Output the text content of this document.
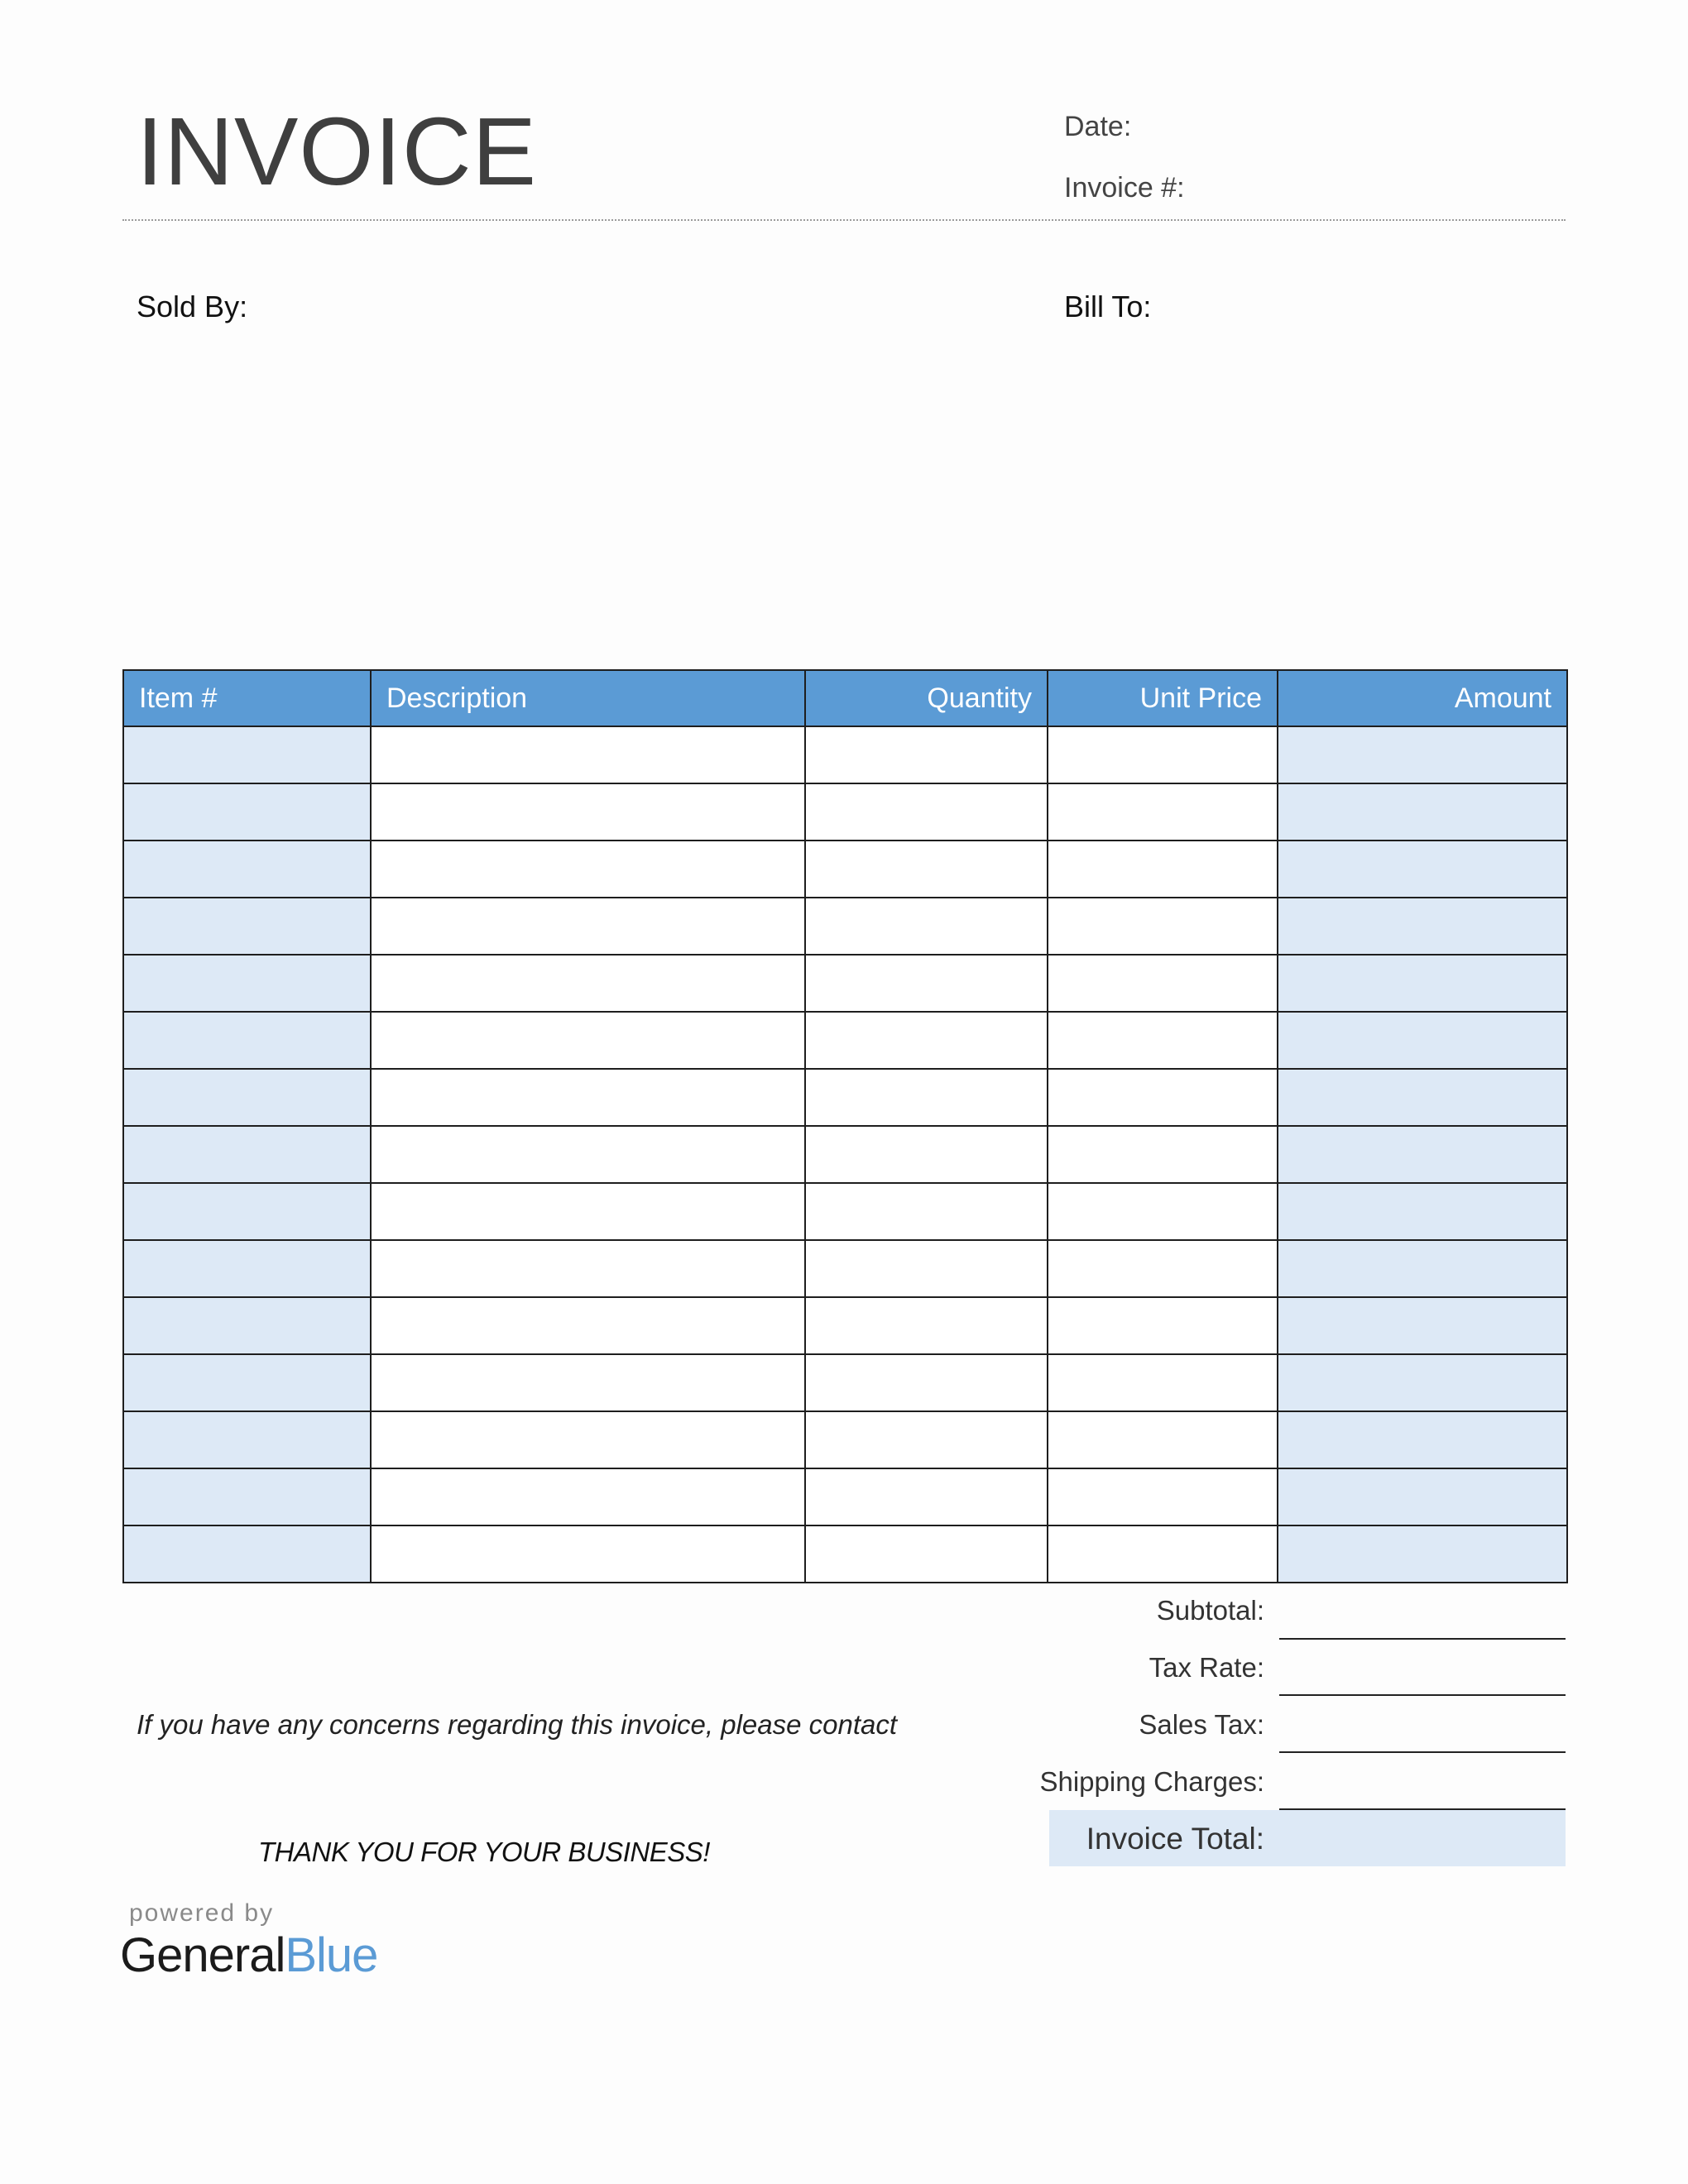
INVOICE	Date:
Invoice #:
Sold By:	Bill To:
Item #	Description	Quantity	Unit Price	Amount

Subtotal:
Tax Rate:
Sales Tax:
Shipping Charges:
Invoice Total:
If you have any concerns regarding this invoice, please contact
THANK YOU FOR YOUR BUSINESS!
powered by
GeneralBlue
